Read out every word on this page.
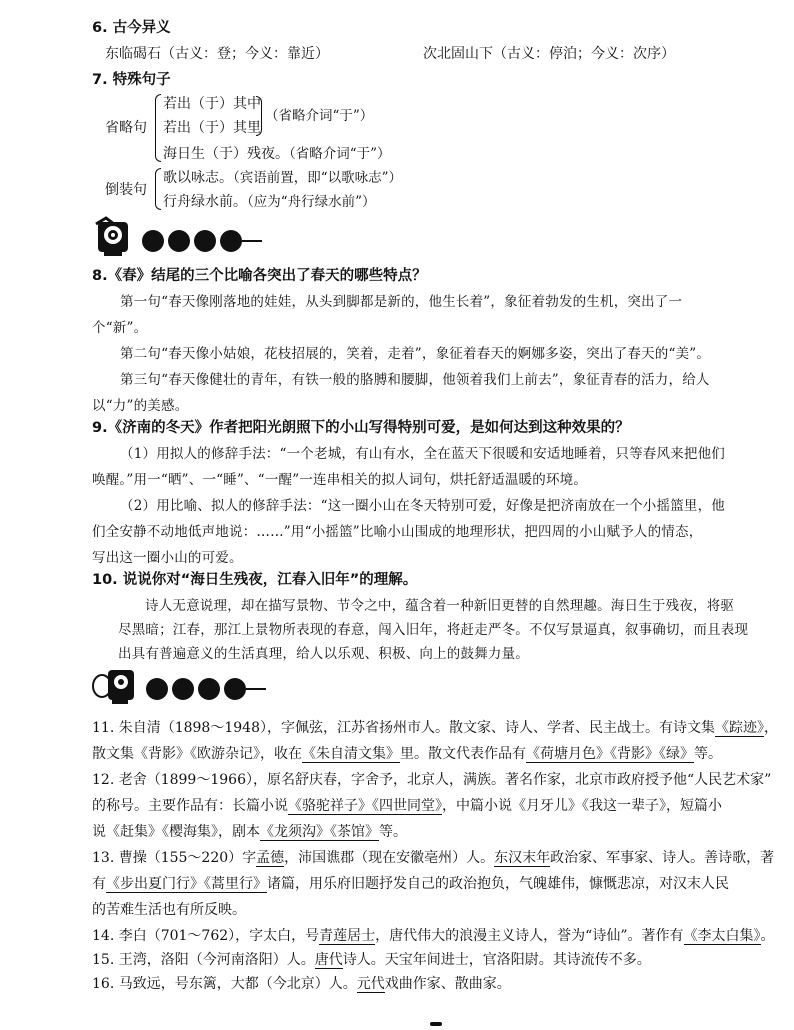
6. 古今异义
东临碣石（古义：登；今义：靠近）	次北固山下（古义：停泊；今义：次序）
7. 特殊句子
省略句
若出（于）其中
若出（于）其里
（省略介词“于”）
海日生（于）残夜。（省略介词“于”）
倒装句
歌以咏志。（宾语前置，即“以歌咏志”）
行舟绿水前。（应为“舟行绿水前”）
8.《春》结尾的三个比喻各突出了春天的哪些特点？
第一句“春天像刚落地的娃娃，从头到脚都是新的，他生长着”，象征着勃发的生机，突出了一
个“新”。
第二句“春天像小姑娘，花枝招展的，笑着，走着”，象征着春天的婀娜多姿，突出了春天的“美”。
第三句“春天像健壮的青年，有铁一般的胳膊和腰脚，他领着我们上前去”，象征青春的活力，给人
以“力”的美感。
9.《济南的冬天》作者把阳光朗照下的小山写得特别可爱，是如何达到这种效果的？
（1）用拟人的修辞手法：“一个老城，有山有水，全在蓝天下很暖和安适地睡着，只等春风来把他们
唤醒。”用一“晒”、一“睡”、“一醒”一连串相关的拟人词句，烘托舒适温暖的环境。
（2）用比喻、拟人的修辞手法：“这一圈小山在冬天特别可爱，好像是把济南放在一个小摇篮里，他
们全安静不动地低声地说：……”用“小摇篮”比喻小山围成的地理形状，把四周的小山赋予人的情态，
写出这一圈小山的可爱。
10. 说说你对“海日生残夜，江春入旧年”的理解。
诗人无意说理，却在描写景物、节令之中，蕴含着一种新旧更替的自然理趣。海日生于残夜，将驱
尽黑暗；江春，那江上景物所表现的春意，闯入旧年，将赶走严冬。不仅写景逼真，叙事确切，而且表现
出具有普遍意义的生活真理，给人以乐观、积极、向上的鼓舞力量。
11. 朱自清（1898～1948），字佩弦，江苏省扬州市人。散文家、诗人、学者、民主战士。有诗文集《踪迹》，
散文集《背影》《欧游杂记》，收在《朱自清文集》里。散文代表作品有《荷塘月色》《背影》《绿》等。
12. 老舍（1899～1966），原名舒庆春，字舍予，北京人，满族。著名作家，北京市政府授予他“人民艺术家”
的称号。主要作品有：长篇小说《骆驼祥子》《四世同堂》，中篇小说《月牙儿》《我这一辈子》，短篇小
说《赶集》《樱海集》，剧本《龙须沟》《茶馆》等。
13. 曹操（155～220）字孟德，沛国谯郡（现在安徽亳州）人。东汉末年政治家、军事家、诗人。善诗歌，著
有《步出夏门行》《蒿里行》诸篇，用乐府旧题抒发自己的政治抱负，气魄雄伟，慷慨悲凉，对汉末人民
的苦难生活也有所反映。
14. 李白（701～762），字太白，号青莲居士，唐代伟大的浪漫主义诗人，誉为“诗仙”。著作有《李太白集》。
15. 王湾，洛阳（今河南洛阳）人。唐代诗人。天宝年间进士，官洛阳尉。其诗流传不多。
16. 马致远，号东篱，大都（今北京）人。元代戏曲作家、散曲家。
